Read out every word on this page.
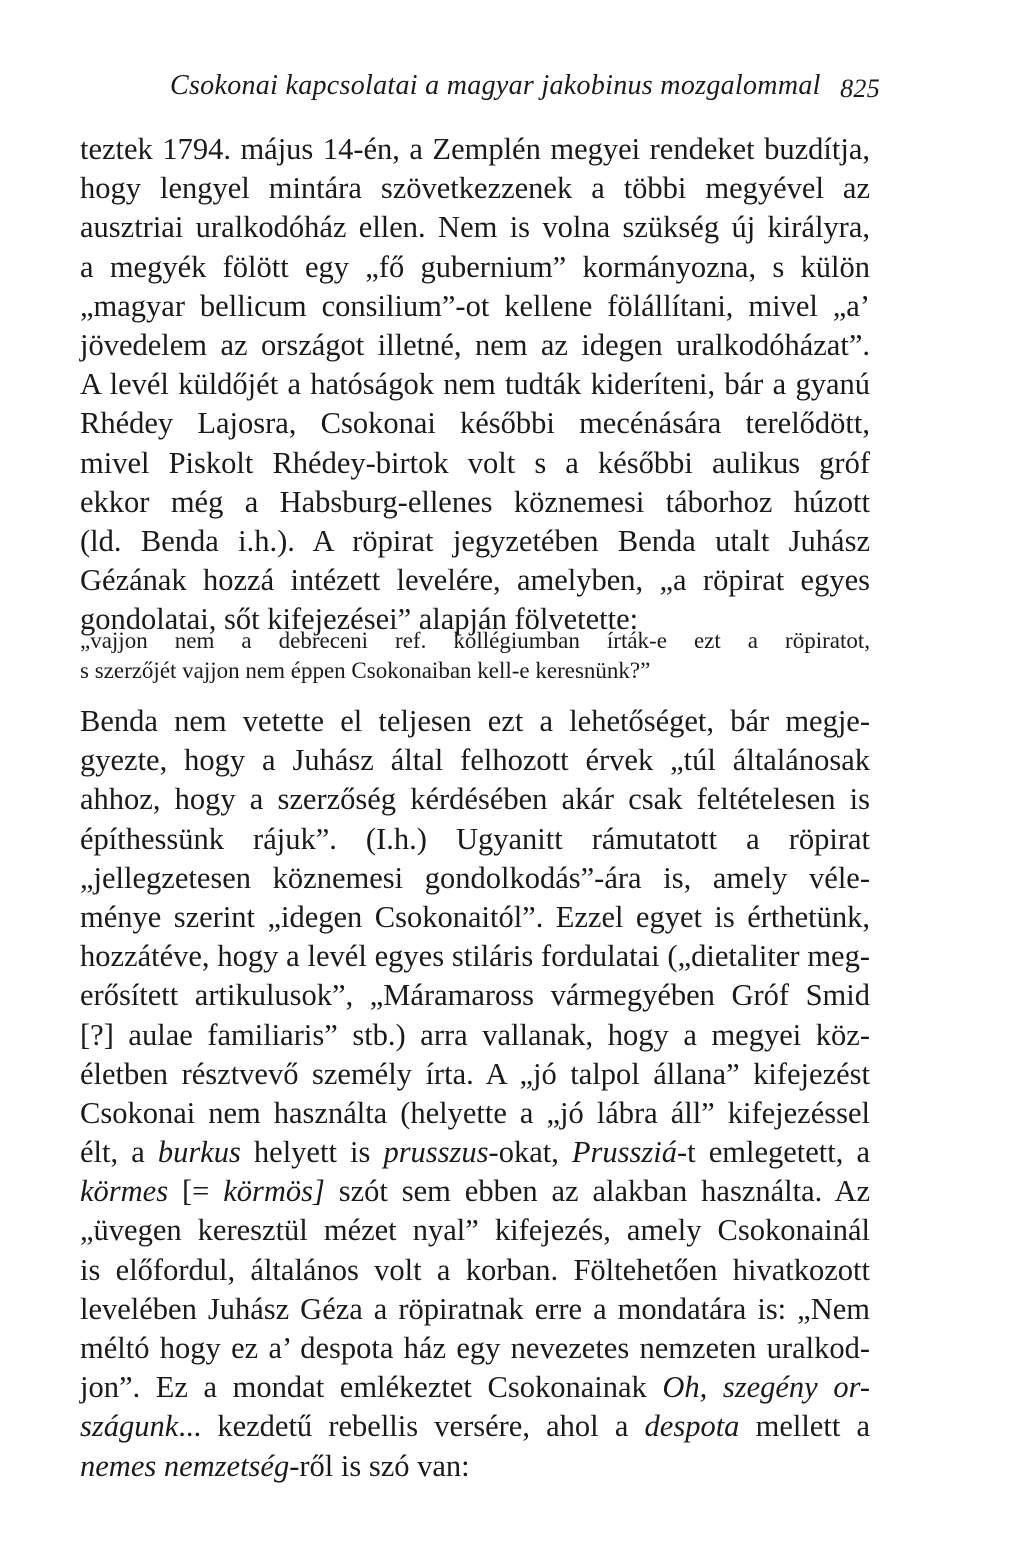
Csokonai kapcsolatai a magyar jakobinus mozgalommal 825
teztek 1794. május 14-én, a Zemplén megyei rendeket buzdítja,
hogy lengyel mintára szövetkezzenek a többi megyével az
ausztriai uralkodóház ellen. Nem is volna szükség új királyra,
a megyék fölött egy „fő gubernium” kormányozna, s külön
„magyar bellicum consilium”-ot kellene fölállítani, mivel „a’
jövedelem az országot illetné, nem az idegen uralkodóházat”.
A levél küldőjét a hatóságok nem tudták kideríteni, bár a gyanú
Rhédey Lajosra, Csokonai későbbi mecénására terelődött,
mivel Piskolt Rhédey-birtok volt s a későbbi aulikus gróf
ekkor még a Habsburg-ellenes köznemesi táborhoz húzott
(ld. Benda i.h.). A röpirat jegyzetében Benda utalt Juhász
Gézának hozzá intézett levelére, amelyben, „a röpirat egyes
gondolatai, sőt kifejezései” alapján fölvetette:
„vajjon nem a debreceni ref. kollégiumban írták-e ezt a röpiratot,
s szerzőjét vajjon nem éppen Csokonaiban kell-e keresnünk?”
Benda nem vetette el teljesen ezt a lehetőséget, bár megje-
gyezte, hogy a Juhász által felhozott érvek „túl általánosak
ahhoz, hogy a szerzőség kérdésében akár csak feltételesen is
építhessünk rájuk”. (I.h.) Ugyanitt rámutatott a röpirat
„jellegzetesen köznemesi gondolkodás”-ára is, amely véle-
ménye szerint „idegen Csokonaitól”. Ezzel egyet is érthetünk,
hozzátéve, hogy a levél egyes stiláris fordulatai („dietaliter meg-
erősített artikulusok”, „Máramaross vármegyében Gróf Smid
[?] aulae familiaris” stb.) arra vallanak, hogy a megyei köz-
életben résztvevő személy írta. A „jó talpol állana” kifejezést
Csokonai nem használta (helyette a „jó lábra áll” kifejezéssel
élt, a burkus helyett is prusszus-okat, Prussziá-t emlegetett, a
körmes [= körmös] szót sem ebben az alakban használta. Az
„üvegen keresztül mézet nyal” kifejezés, amely Csokonainál
is előfordul, általános volt a korban. Föltehetően hivatkozott
levelében Juhász Géza a röpiratnak erre a mondatára is: „Nem
méltó hogy ez a’ despota ház egy nevezetes nemzeten uralkod-
jon”. Ez a mondat emlékeztet Csokonainak Oh, szegény or-
szágunk... kezdetű rebellis versére, ahol a despota mellett a
nemes nemzetség-ről is szó van:
